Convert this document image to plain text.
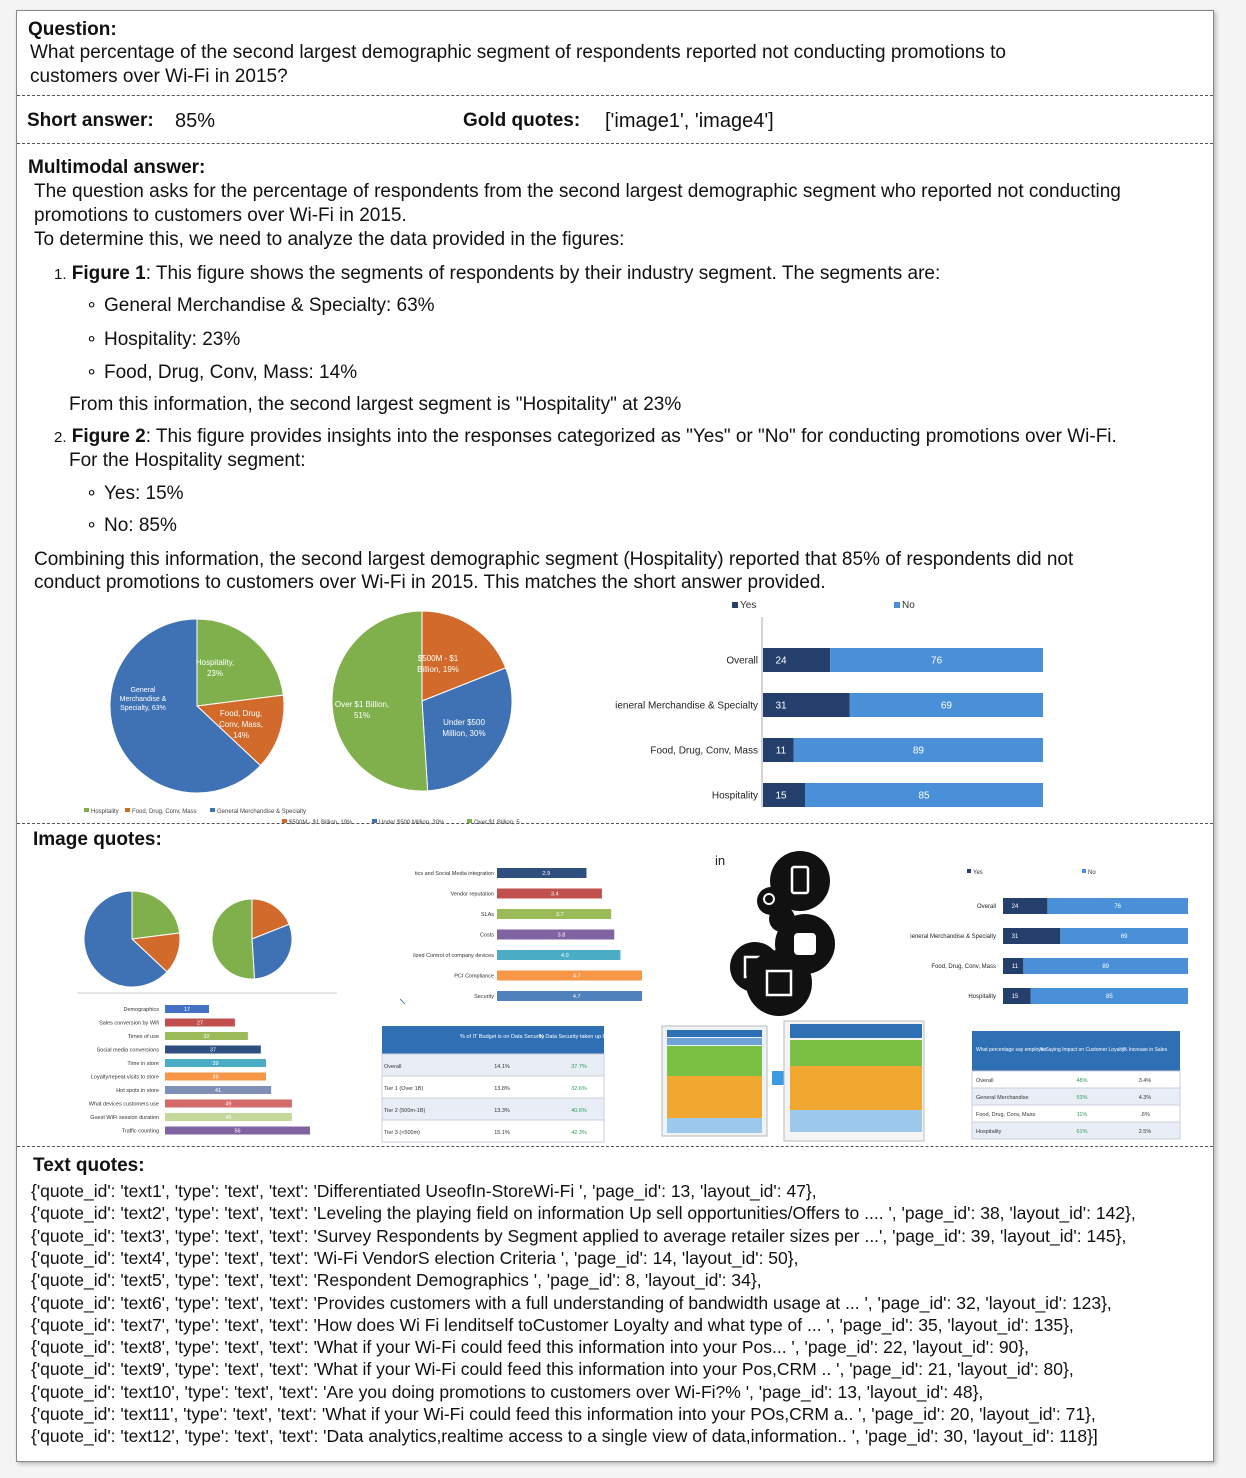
Question:
What percentage of the second largest demographic segment of respondents reported not conducting promotions to
customers over Wi-Fi in 2015?
Short answer: 85%	Gold quotes: ['image1', 'image4']
Multimodal answer:
The question asks for the percentage of respondents from the second largest demographic segment who reported not conducting
promotions to customers over Wi-Fi in 2015.
To determine this, we need to analyze the data provided in the figures:
1. Figure 1: This figure shows the segments of respondents by their industry segment. The segments are:
∘ General Merchandise & Specialty: 63%
∘ Hospitality: 23%
∘ Food, Drug, Conv, Mass: 14%
From this information, the second largest segment is "Hospitality" at 23%
2. Figure 2: This figure provides insights into the responses categorized as "Yes" or "No" for conducting promotions over Wi-Fi.
For the Hospitality segment:
∘ Yes: 15%
∘ No: 85%
Combining this information, the second largest demographic segment (Hospitality) reported that 85% of respondents did not
conduct promotions to customers over Wi-Fi in 2015. This matches the short answer provided.
Hospitality,
23%
General
Merchandise &
Specialty, 63%
Food, Drug,
Conv, Mass,
14%
$500M - $1
Billion, 19%
Over $1 Billion,
51%
Under $500
Million, 30%
Hospitality Food, Drug, Conv, Mass	General Merchandise & Specialty
$500M - $1 Billion, 19%	Under $500 Million, 30%	Over $1 Billion, 5
Yes	No
Overall 24	76
ieneral Merchandise & Specialty 31	69
Food, Drug, Conv, Mass 11	89
Hospitality 15	85
Image quotes:
tics and Social Media integration	2.9
Vendor reputation	3.4
SLAs	3.7
Costs	3.8
lized Control of company devices	4.0
PCI Compliance	4.7
Security	4.7
in
Yes	No
Overall	24	76
ieneral Merchandise & Specialty	31	69
Food, Drug, Conv, Mass	11	89
Hospitality	15	85
Demographics	17
Sales conversion by Wifi	27
Times of use	32
Social media conversions	37
Time in store	39
Loyalty/repeat visits to store	39
Hot spots in store	41
What devices customers use	49
Guest WiFi session duration	49
Traffic counting	56
% of IT Budget is on Data Security
% Data Security taken up by PCI
Overall	14.1%	37.7%
Tier 1 (Over 1B)	13.8%	32.6%
Tier 2 (500m-1B)	13.3%	40.6%
Tier 3 (<500m)	15.1%	42.3%
What percentage say employee
% Saying Impact on Customer Loyalty
% Increase in Sales
Overall	48%	3.4%
General Merchandise	53%	4.3%
Food, Drug, Conv, Mass	11%	.6%
Hospitality	61%	2.5%
Text quotes:
{'quote_id': 'text1', 'type': 'text', 'text': 'Differentiated UseofIn-StoreWi-Fi ', 'page_id': 13, 'layout_id': 47},
{'quote_id': 'text2', 'type': 'text', 'text': 'Leveling the playing field on information Up sell opportunities/Offers to .... ', 'page_id': 38, 'layout_id': 142},
{'quote_id': 'text3', 'type': 'text', 'text': 'Survey Respondents by Segment applied to average retailer sizes per ...', 'page_id': 39, 'layout_id': 145},
{'quote_id': 'text4', 'type': 'text', 'text': 'Wi-Fi VendorS election Criteria ', 'page_id': 14, 'layout_id': 50},
{'quote_id': 'text5', 'type': 'text', 'text': 'Respondent Demographics ', 'page_id': 8, 'layout_id': 34},
{'quote_id': 'text6', 'type': 'text', 'text': 'Provides customers with a full understanding of bandwidth usage at ... ', 'page_id': 32, 'layout_id': 123},
{'quote_id': 'text7', 'type': 'text', 'text': 'How does Wi Fi lenditself toCustomer Loyalty and what type of ... ', 'page_id': 35, 'layout_id': 135},
{'quote_id': 'text8', 'type': 'text', 'text': 'What if your Wi-Fi could feed this information into your Pos... ', 'page_id': 22, 'layout_id': 90},
{'quote_id': 'text9', 'type': 'text', 'text': 'What if your Wi-Fi could feed this information into your Pos,CRM .. ', 'page_id': 21, 'layout_id': 80},
{'quote_id': 'text10', 'type': 'text', 'text': 'Are you doing promotions to customers over Wi-Fi?% ', 'page_id': 13, 'layout_id': 48},
{'quote_id': 'text11', 'type': 'text', 'text': 'What if your Wi-Fi could feed this information into your POs,CRM a.. ', 'page_id': 20, 'layout_id': 71},
{'quote_id': 'text12', 'type': 'text', 'text': 'Data analytics,realtime access to a single view of data,information.. ', 'page_id': 30, 'layout_id': 118}]
